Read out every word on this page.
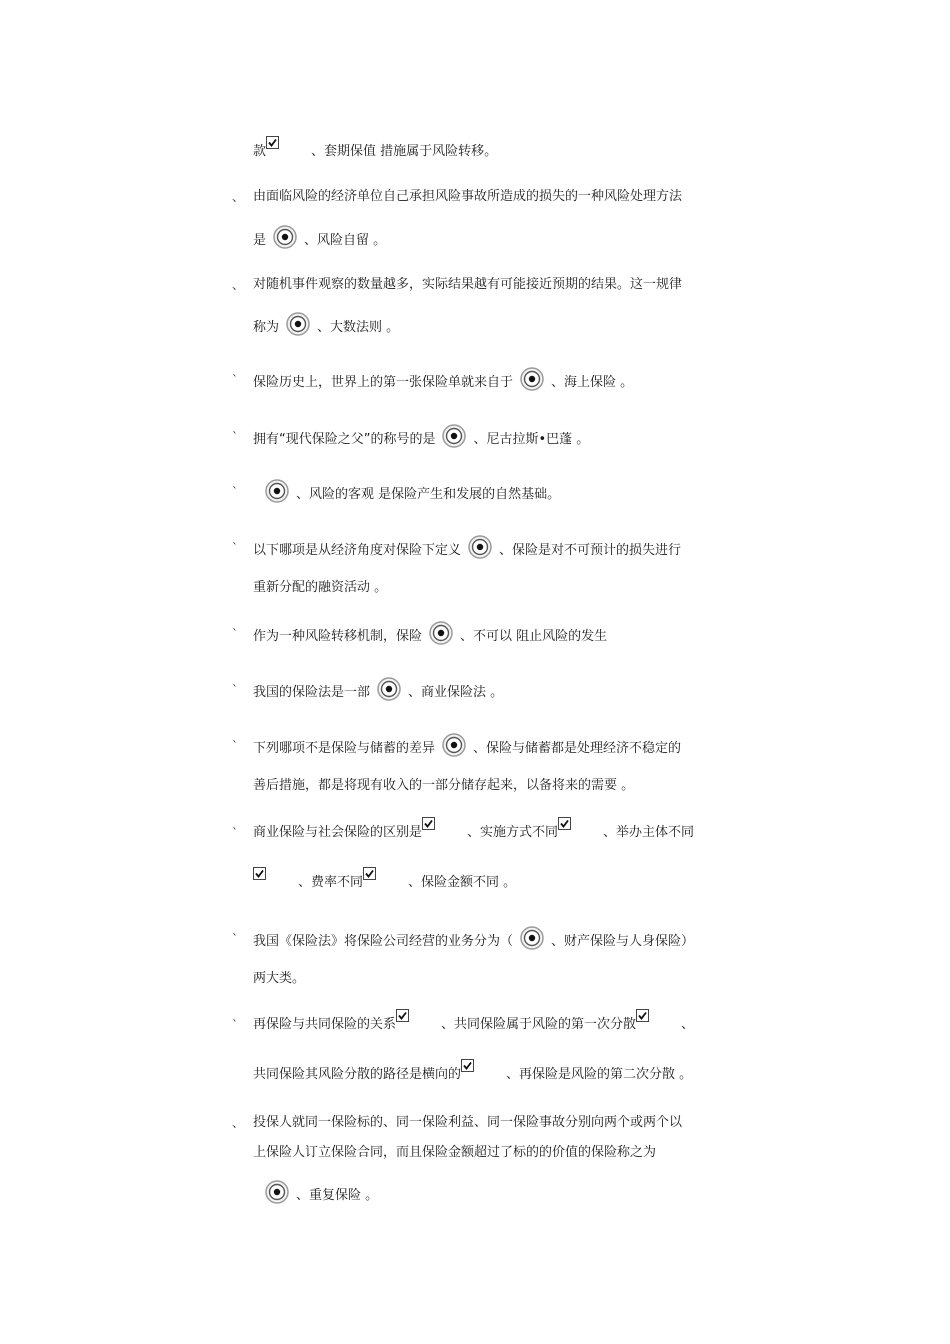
款	、套期保值 措施属于风险转移。
、 由面临风险的经济单位自己承担风险事故所造成的损失的一种风险处理方法
是	、风险自留 。
、 对随机事件观察的数量越多，实际结果越有可能接近预期的结果。这一规律
称为	、大数法则 。
` 保险历史上，世界上的第一张保险单就来自于	、海上保险 。
` 拥有“现代保险之父”的称号的是	、尼古拉斯•巴蓬 。
`	、风险的客观 是保险产生和发展的自然基础。
` 以下哪项是从经济角度对保险下定义	、保险是对不可预计的损失进行
重新分配的融资活动 。
` 作为一种风险转移机制，保险	、不可以 阻止风险的发生
` 我国的保险法是一部	、商业保险法 。
` 下列哪项不是保险与储蓄的差异	、保险与储蓄都是处理经济不稳定的
善后措施，都是将现有收入的一部分储存起来，以备将来的需要 。
` 商业保险与社会保险的区别是	、实施方式不同	、举办主体不同
、费率不同	、保险金额不同 。
` 我国《保险法》将保险公司经营的业务分为（	、财产保险与人身保险）
两大类。
` 再保险与共同保险的关系	、共同保险属于风险的第一次分散	、
共同保险其风险分散的路径是横向的	、再保险是风险的第二次分散 。
、 投保人就同一保险标的、同一保险利益、同一保险事故分别向两个或两个以
上保险人订立保险合同，而且保险金额超过了标的的价值的保险称之为
、重复保险 。
